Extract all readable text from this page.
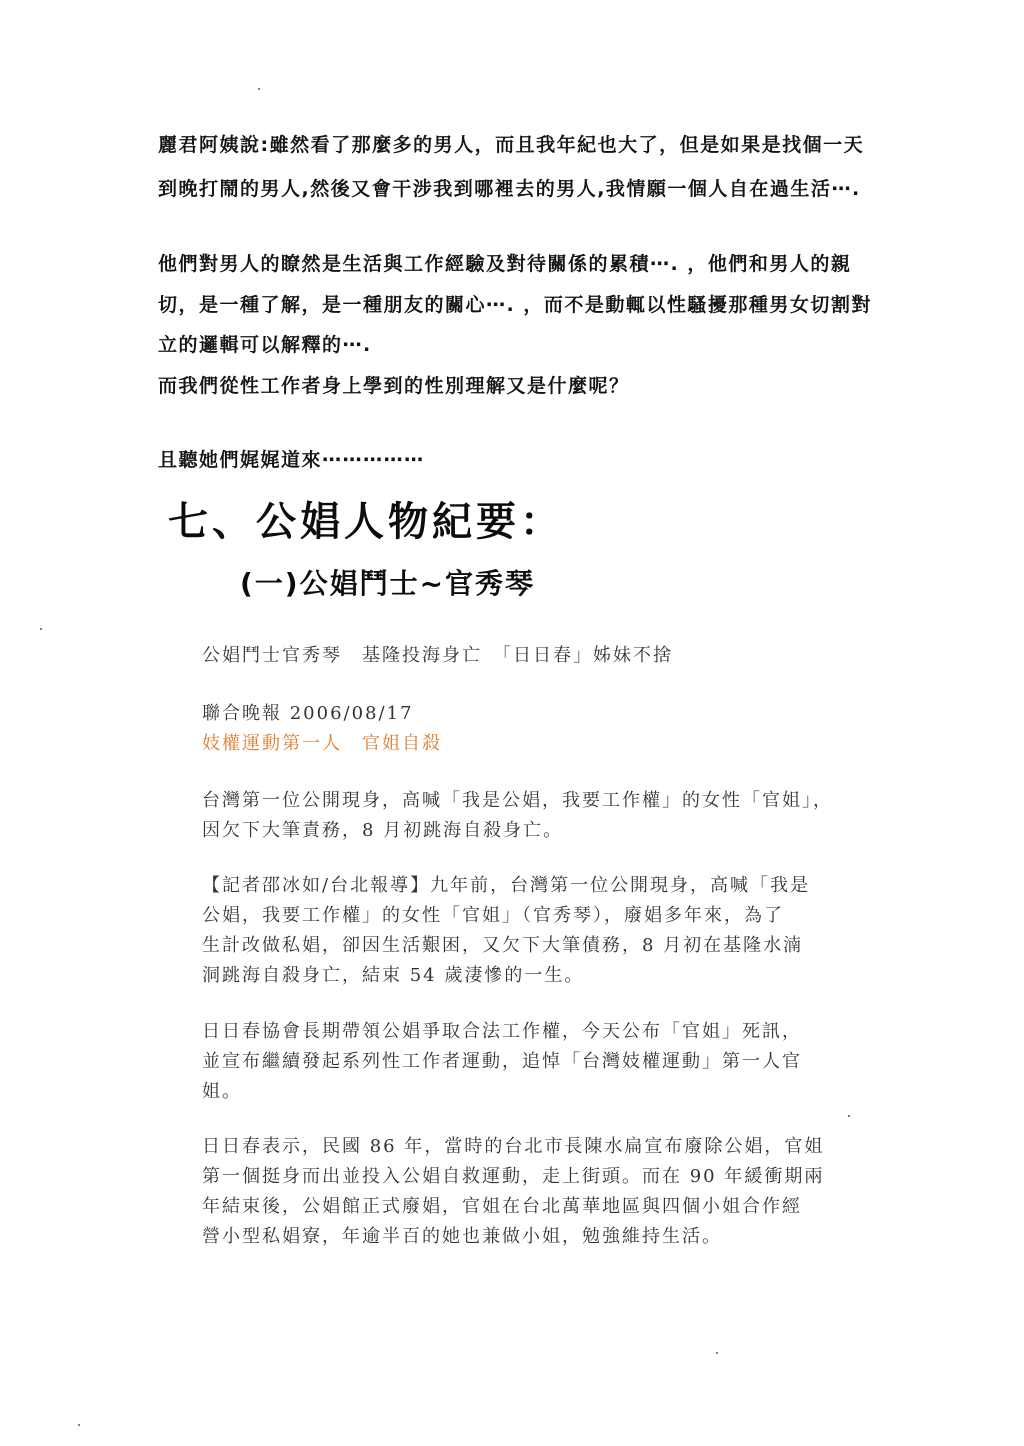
麗君阿姨說:雖然看了那麼多的男人，而且我年紀也大了，但是如果是找個一天

到晚打鬧的男人,然後又會干涉我到哪裡去的男人,我情願一個人自在過生活⋯.

他們對男人的瞭然是生活與工作經驗及對待關係的累積⋯. ，他們和男人的親

切，是一種了解，是一種朋友的關心⋯. ，而不是動輒以性騷擾那種男女切割對

立的邏輯可以解釋的⋯.

而我們從性工作者身上學到的性別理解又是什麼呢？

且聽她們娓娓道來⋯⋯⋯⋯⋯

七、公娼人物紀要：
(一)公娼鬥士~官秀琴

公娼鬥士官秀琴　基隆投海身亡　「日日春」姊妹不捨

聯合晚報 2006/08/17

妓權運動第一人　官姐自殺

台灣第一位公開現身，高喊「我是公娼，我要工作權」的女性「官姐」，

因欠下大筆責務，8 月初跳海自殺身亡。

【記者邵冰如/台北報導】九年前，台灣第一位公開現身，高喊「我是

公娼，我要工作權」的女性「官姐」（官秀琴），廢娼多年來，為了

生計改做私娼，卻因生活艱困，又欠下大筆債務，8 月初在基隆水湳

洞跳海自殺身亡，結束 54 歲淒慘的一生。

日日春協會長期帶領公娼爭取合法工作權，今天公布「官姐」死訊，

並宣布繼續發起系列性工作者運動，追悼「台灣妓權運動」第一人官

姐。

日日春表示，民國 86 年，當時的台北市長陳水扁宣布廢除公娼，官姐

第一個挺身而出並投入公娼自救運動，走上街頭。而在 90 年緩衝期兩

年結束後，公娼館正式廢娼，官姐在台北萬華地區與四個小姐合作經

營小型私娼寮，年逾半百的她也兼做小姐，勉強維持生活。
